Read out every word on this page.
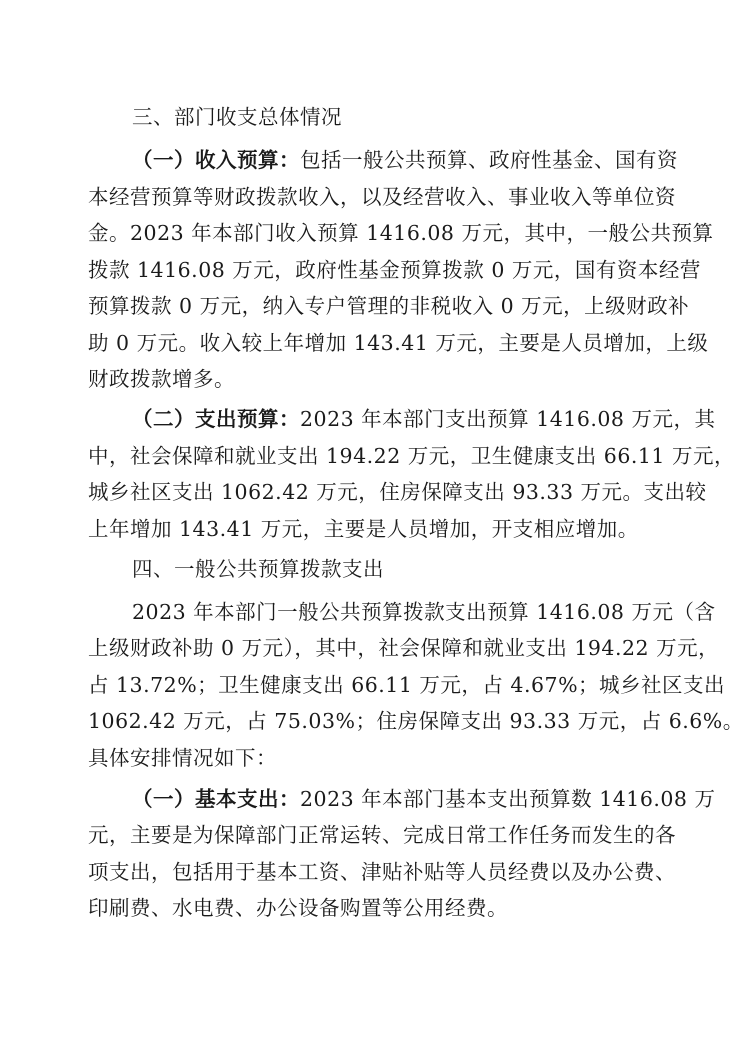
三、部门收支总体情况
（一）收入预算：包括一般公共预算、政府性基金、国有资
本经营预算等财政拨款收入，以及经营收入、事业收入等单位资
金。2023 年本部门收入预算 1416.08 万元，其中，一般公共预算
拨款 1416.08 万元，政府性基金预算拨款 0 万元，国有资本经营
预算拨款 0 万元，纳入专户管理的非税收入 0 万元，上级财政补
助 0 万元。收入较上年增加 143.41 万元，主要是人员增加，上级
财政拨款增多。
（二）支出预算：2023 年本部门支出预算 1416.08 万元，其
中，社会保障和就业支出 194.22 万元，卫生健康支出 66.11 万元，
城乡社区支出 1062.42 万元，住房保障支出 93.33 万元。支出较
上年增加 143.41 万元，主要是人员增加，开支相应增加。
四、一般公共预算拨款支出
2023 年本部门一般公共预算拨款支出预算 1416.08 万元（含
上级财政补助 0 万元），其中，社会保障和就业支出 194.22 万元，
占 13.72%；卫生健康支出 66.11 万元，占 4.67%；城乡社区支出
1062.42 万元，占 75.03%；住房保障支出 93.33 万元，占 6.6%。
具体安排情况如下：
（一）基本支出：2023 年本部门基本支出预算数 1416.08 万
元，主要是为保障部门正常运转、完成日常工作任务而发生的各
项支出，包括用于基本工资、津贴补贴等人员经费以及办公费、
印刷费、水电费、办公设备购置等公用经费。
